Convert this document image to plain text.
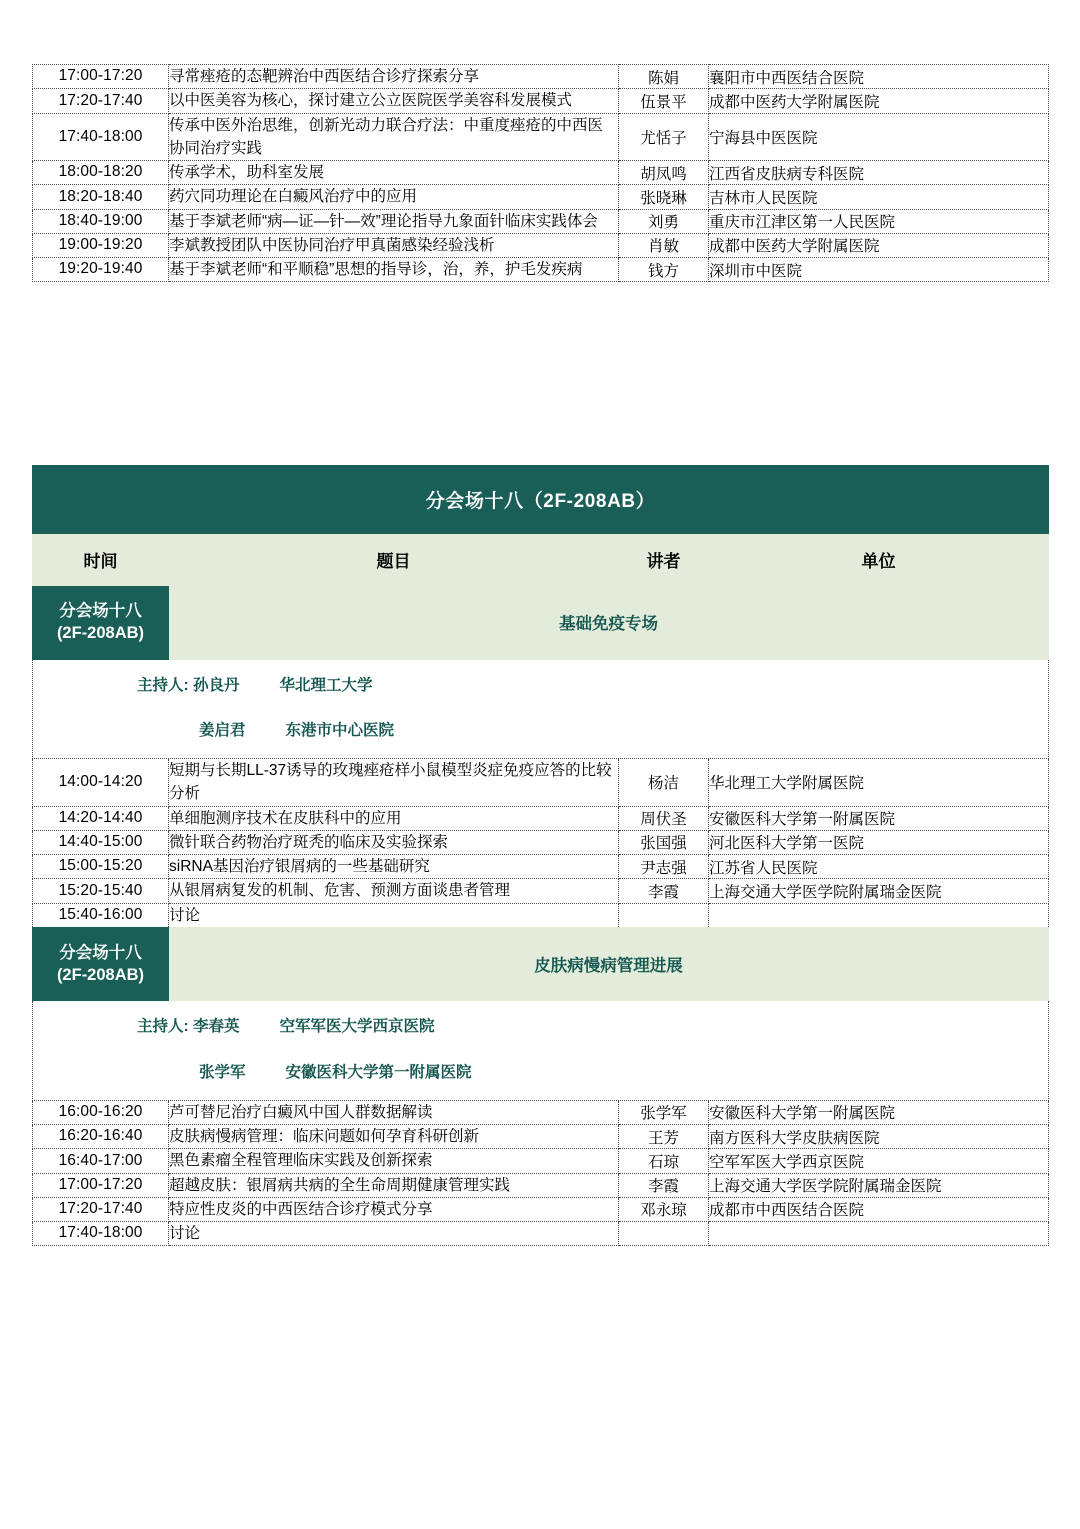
17:00-17:20	寻常痤疮的态靶辨治中西医结合诊疗探索分享	陈娟	襄阳市中西医结合医院
17:20-17:40	以中医美容为核心，探讨建立公立医院医学美容科发展模式	伍景平	成都中医药大学附属医院
17:40-18:00	传承中医外治思维，创新光动力联合疗法：中重度痤疮的中西医协同治疗实践	尤恬子	宁海县中医医院
18:00-18:20	传承学术，助科室发展	胡凤鸣	江西省皮肤病专科医院
18:20-18:40	药穴同功理论在白癜风治疗中的应用	张晓琳	吉林市人民医院
18:40-19:00	基于李斌老师“病—证—针—效”理论指导九象面针临床实践体会	刘勇	重庆市江津区第一人民医院
19:00-19:20	李斌教授团队中医协同治疗甲真菌感染经验浅析	肖敏	成都中医药大学附属医院
19:20-19:40	基于李斌老师“和平顺稳”思想的指导诊，治，养，护毛发疾病	钱方	深圳市中医院
分会场十八（2F-208AB）			
时间	题目	讲者	单位

分会场十八
(2F-208AB)	基础免疫专场		

主持人: 孙良丹 华北理工大学
姜启君 东港市中心医院			

14:00-14:20	短期与长期LL-37诱导的玫瑰痤疮样小鼠模型炎症免疫应答的比较分析	杨洁	华北理工大学附属医院
14:20-14:40	单细胞测序技术在皮肤科中的应用	周伏圣	安徽医科大学第一附属医院
14:40-15:00	微针联合药物治疗斑秃的临床及实验探索	张国强	河北医科大学第一医院
15:00-15:20	siRNA基因治疗银屑病的一些基础研究	尹志强	江苏省人民医院
15:20-15:40	从银屑病复发的机制、危害、预测方面谈患者管理	李霞	上海交通大学医学院附属瑞金医院
15:40-16:00	讨论		

分会场十八
(2F-208AB)	皮肤病慢病管理进展		

主持人: 李春英 空军军医大学西京医院
张学军 安徽医科大学第一附属医院			

16:00-16:20	芦可替尼治疗白癜风中国人群数据解读	张学军	安徽医科大学第一附属医院
16:20-16:40	皮肤病慢病管理：临床问题如何孕育科研创新	王芳	南方医科大学皮肤病医院
16:40-17:00	黑色素瘤全程管理临床实践及创新探索	石琼	空军军医大学西京医院
17:00-17:20	超越皮肤：银屑病共病的全生命周期健康管理实践	李霞	上海交通大学医学院附属瑞金医院
17:20-17:40	特应性皮炎的中西医结合诊疗模式分享	邓永琼	成都市中西医结合医院
17:40-18:00	讨论		
